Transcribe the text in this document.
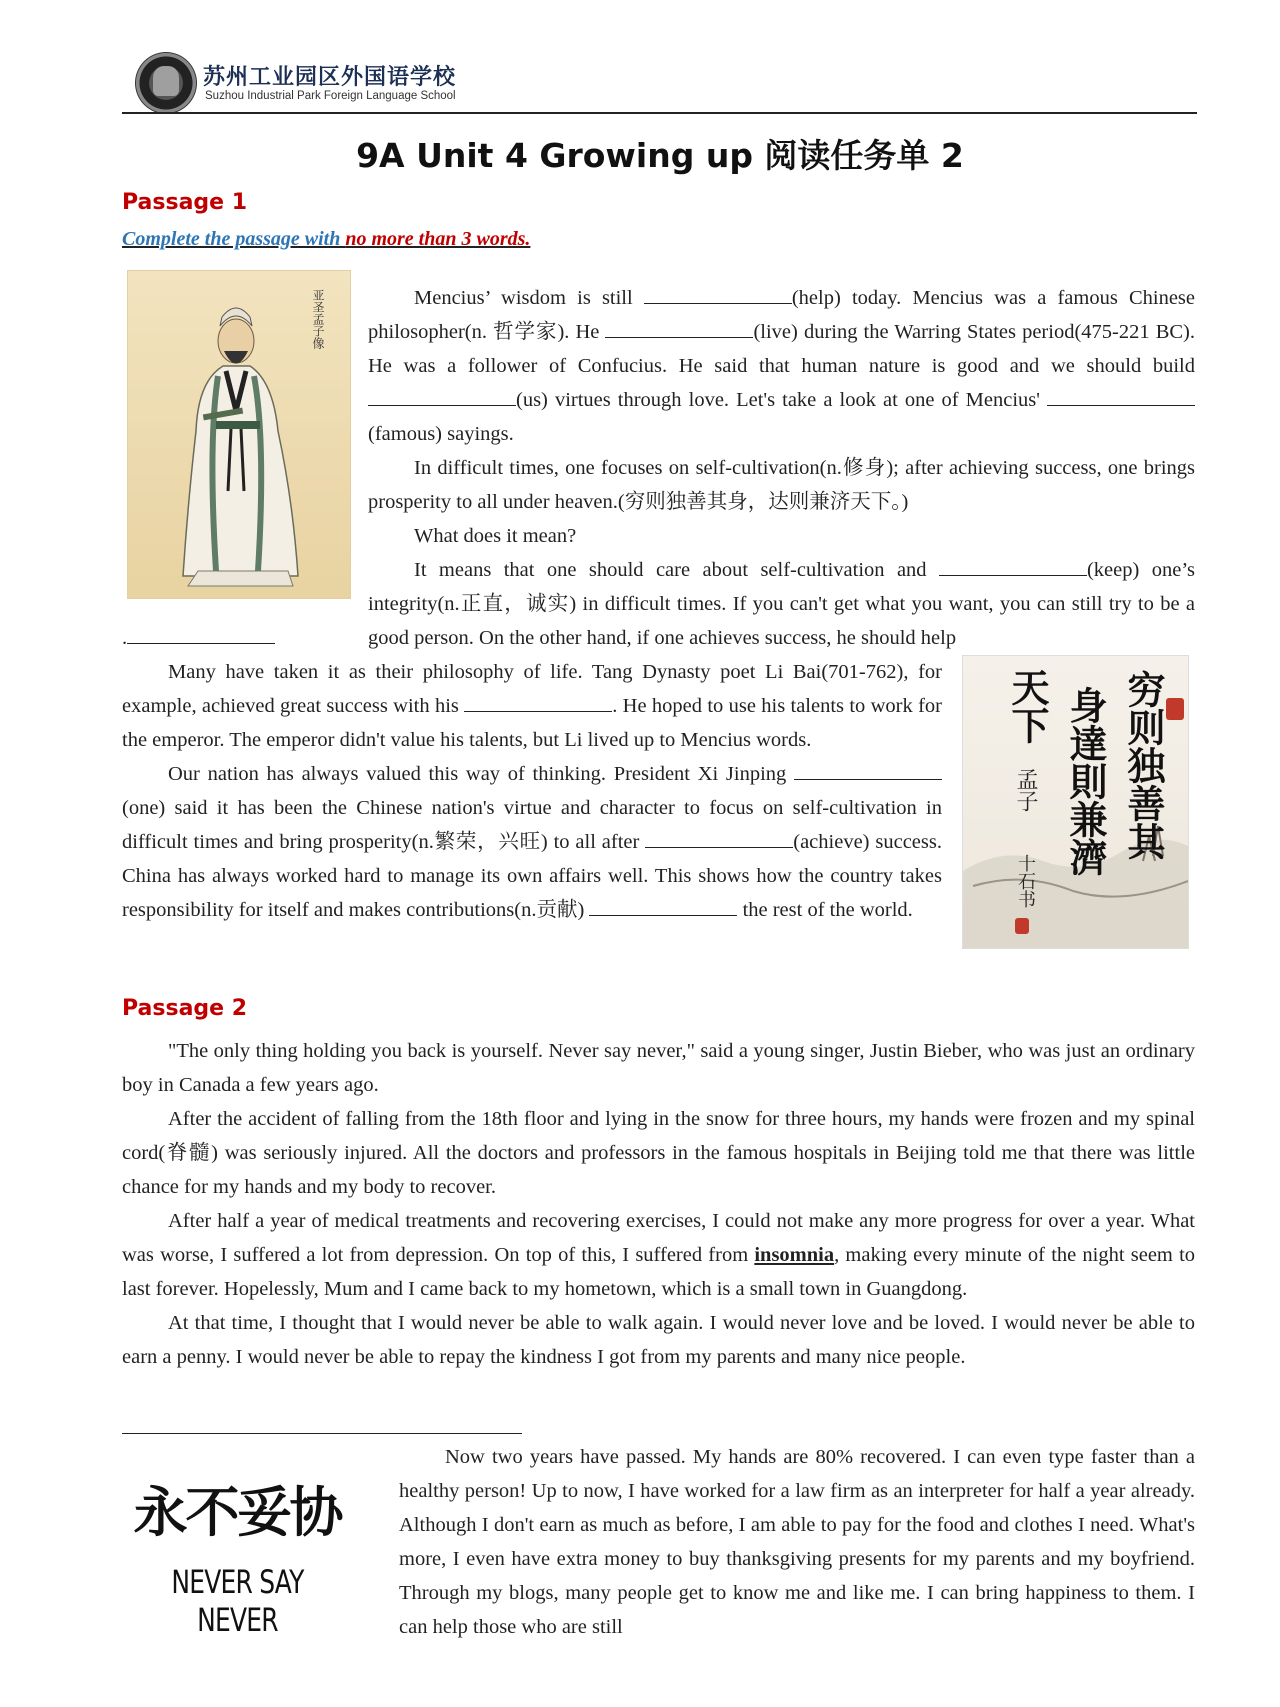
苏州工业园区外国语学校
Suzhou Industrial Park Foreign Language School
9A Unit 4 Growing up 阅读任务单 2
Passage 1
Complete the passage with no more than 3 words.
亚圣孟子像	Mencius’ wisdom is still	(help) today. Mencius was a famous Chinese philosopher(n. 哲学家). He	(live) during the Warring States period(475-221 BC). He was a follower of Confucius. He said that human nature is good and we should build (us) virtues through love. Let's take a look at one of Mencius' (famous) sayings.

In difficult times, one focuses on self-cultivation(n.修身); after achieving success, one brings prosperity to all under heaven.(穷则独善其身，达则兼济天下。)

What does it mean?

It means that one should care about self-cultivation and	(keep) one’s integrity(n.正直，诚实) in difficult times. If you can't get what you want, you can still try to be a good person. On the other hand, if one achieves success, he should help

.

穷则独善其
身達則兼濟
天下
孟子
十石书

Many have taken it as their philosophy of life. Tang Dynasty poet Li Bai(701-762), for example, achieved great success with his	. He hoped to use his talents to work for the emperor. The emperor didn't value his talents, but Li lived up to Mencius words.

Our nation has always valued this way of thinking. President Xi Jinping (one) said it has been the Chinese nation's virtue and character to focus on self-cultivation in difficult times and bring prosperity(n.繁荣，兴旺) to all after	(achieve) success. China has always worked hard to manage its own affairs well. This shows how the country takes responsibility for itself and makes contributions(n.贡献)	the rest of the world.

Passage 2

"The only thing holding you back is yourself. Never say never," said a young singer, Justin Bieber, who was just an ordinary boy in Canada a few years ago.

After the accident of falling from the 18th floor and lying in the snow for three hours, my hands were frozen and my spinal cord(脊髓) was seriously injured. All the doctors and professors in the famous hospitals in Beijing told me that there was little chance for my hands and my body to recover.

After half a year of medical treatments and recovering exercises, I could not make any more progress for over a year. What was worse, I suffered a lot from depression. On top of this, I suffered from insomnia, making every minute of the night seem to last forever. Hopelessly, Mum and I came back to my hometown, which is a small town in Guangdong.

At that time, I thought that I would never be able to walk again. I would never love and be loved. I would never be able to earn a penny. I would never be able to repay the kindness I got from my parents and many nice people.

永不妥协
NEVER SAY NEVER

Now two years have passed. My hands are 80% recovered. I can even type faster than a healthy person! Up to now, I have worked for a law firm as an interpreter for half a year already. Although I don't earn as much as before, I am able to pay for the food and clothes I need. What's more, I even have extra money to buy thanksgiving presents for my parents and my boyfriend. Through my blogs, many people get to know me and like me. I can bring happiness to them. I can help those who are still
